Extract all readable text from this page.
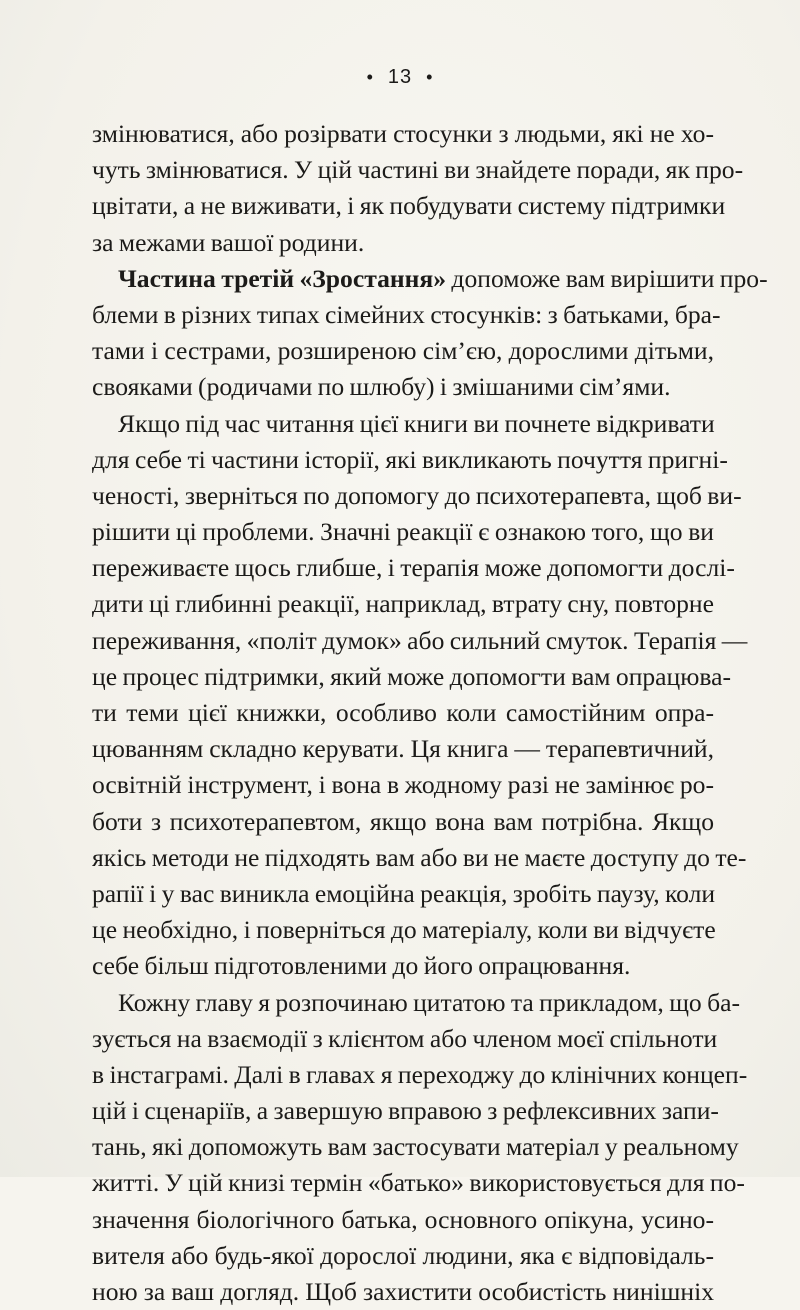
• 13 •
змінюватися, або розірвати стосунки з людьми, які не хо-
чуть змінюватися. У цій частині ви знайдете поради, як про-
цвітати, а не виживати, і як побудувати систему підтримки
за межами вашої родини.
Частина третій «Зростання» допоможе вам вирішити про-
блеми в різних типах сімейних стосунків: з батьками, бра-
тами і сестрами, розширеною сім’єю, дорослими дітьми,
свояками (родичами по шлюбу) і змішаними сім’ями.
Якщо під час читання цієї книги ви почнете відкривати
для себе ті частини історії, які викликають почуття пригні-
ченості, зверніться по допомогу до психотерапевта, щоб ви-
рішити ці проблеми. Значні реакції є ознакою того, що ви
переживаєте щось глибше, і терапія може допомогти дослі-
дити ці глибинні реакції, наприклад, втрату сну, повторне
переживання, «політ думок» або сильний смуток. Терапія —
це процес підтримки, який може допомогти вам опрацюва-
ти теми цієї книжки, особливо коли самостійним опра-
цюванням складно керувати. Ця книга — терапевтичний,
освітній інструмент, і вона в жодному разі не замінює ро-
боти з психотерапевтом, якщо вона вам потрібна. Якщо
якісь методи не підходять вам або ви не маєте доступу до те-
рапії і у вас виникла емоційна реакція, зробіть паузу, коли
це необхідно, і поверніться до матеріалу, коли ви відчуєте
себе більш підготовленими до його опрацювання.
Кожну главу я розпочинаю цитатою та прикладом, що ба-
зується на взаємодії з клієнтом або членом моєї спільноти
в інстаграмі. Далі в главах я переходжу до клінічних концеп-
цій і сценаріїв, а завершую вправою з рефлексивних запи-
тань, які допоможуть вам застосувати матеріал у реальному
житті. У цій книзі термін «батько» використовується для по-
значення біологічного батька, основного опікуна, усино-
вителя або будь-якої дорослої людини, яка є відповідаль-
ною за ваш догляд. Щоб захистити особистість нинішніх
